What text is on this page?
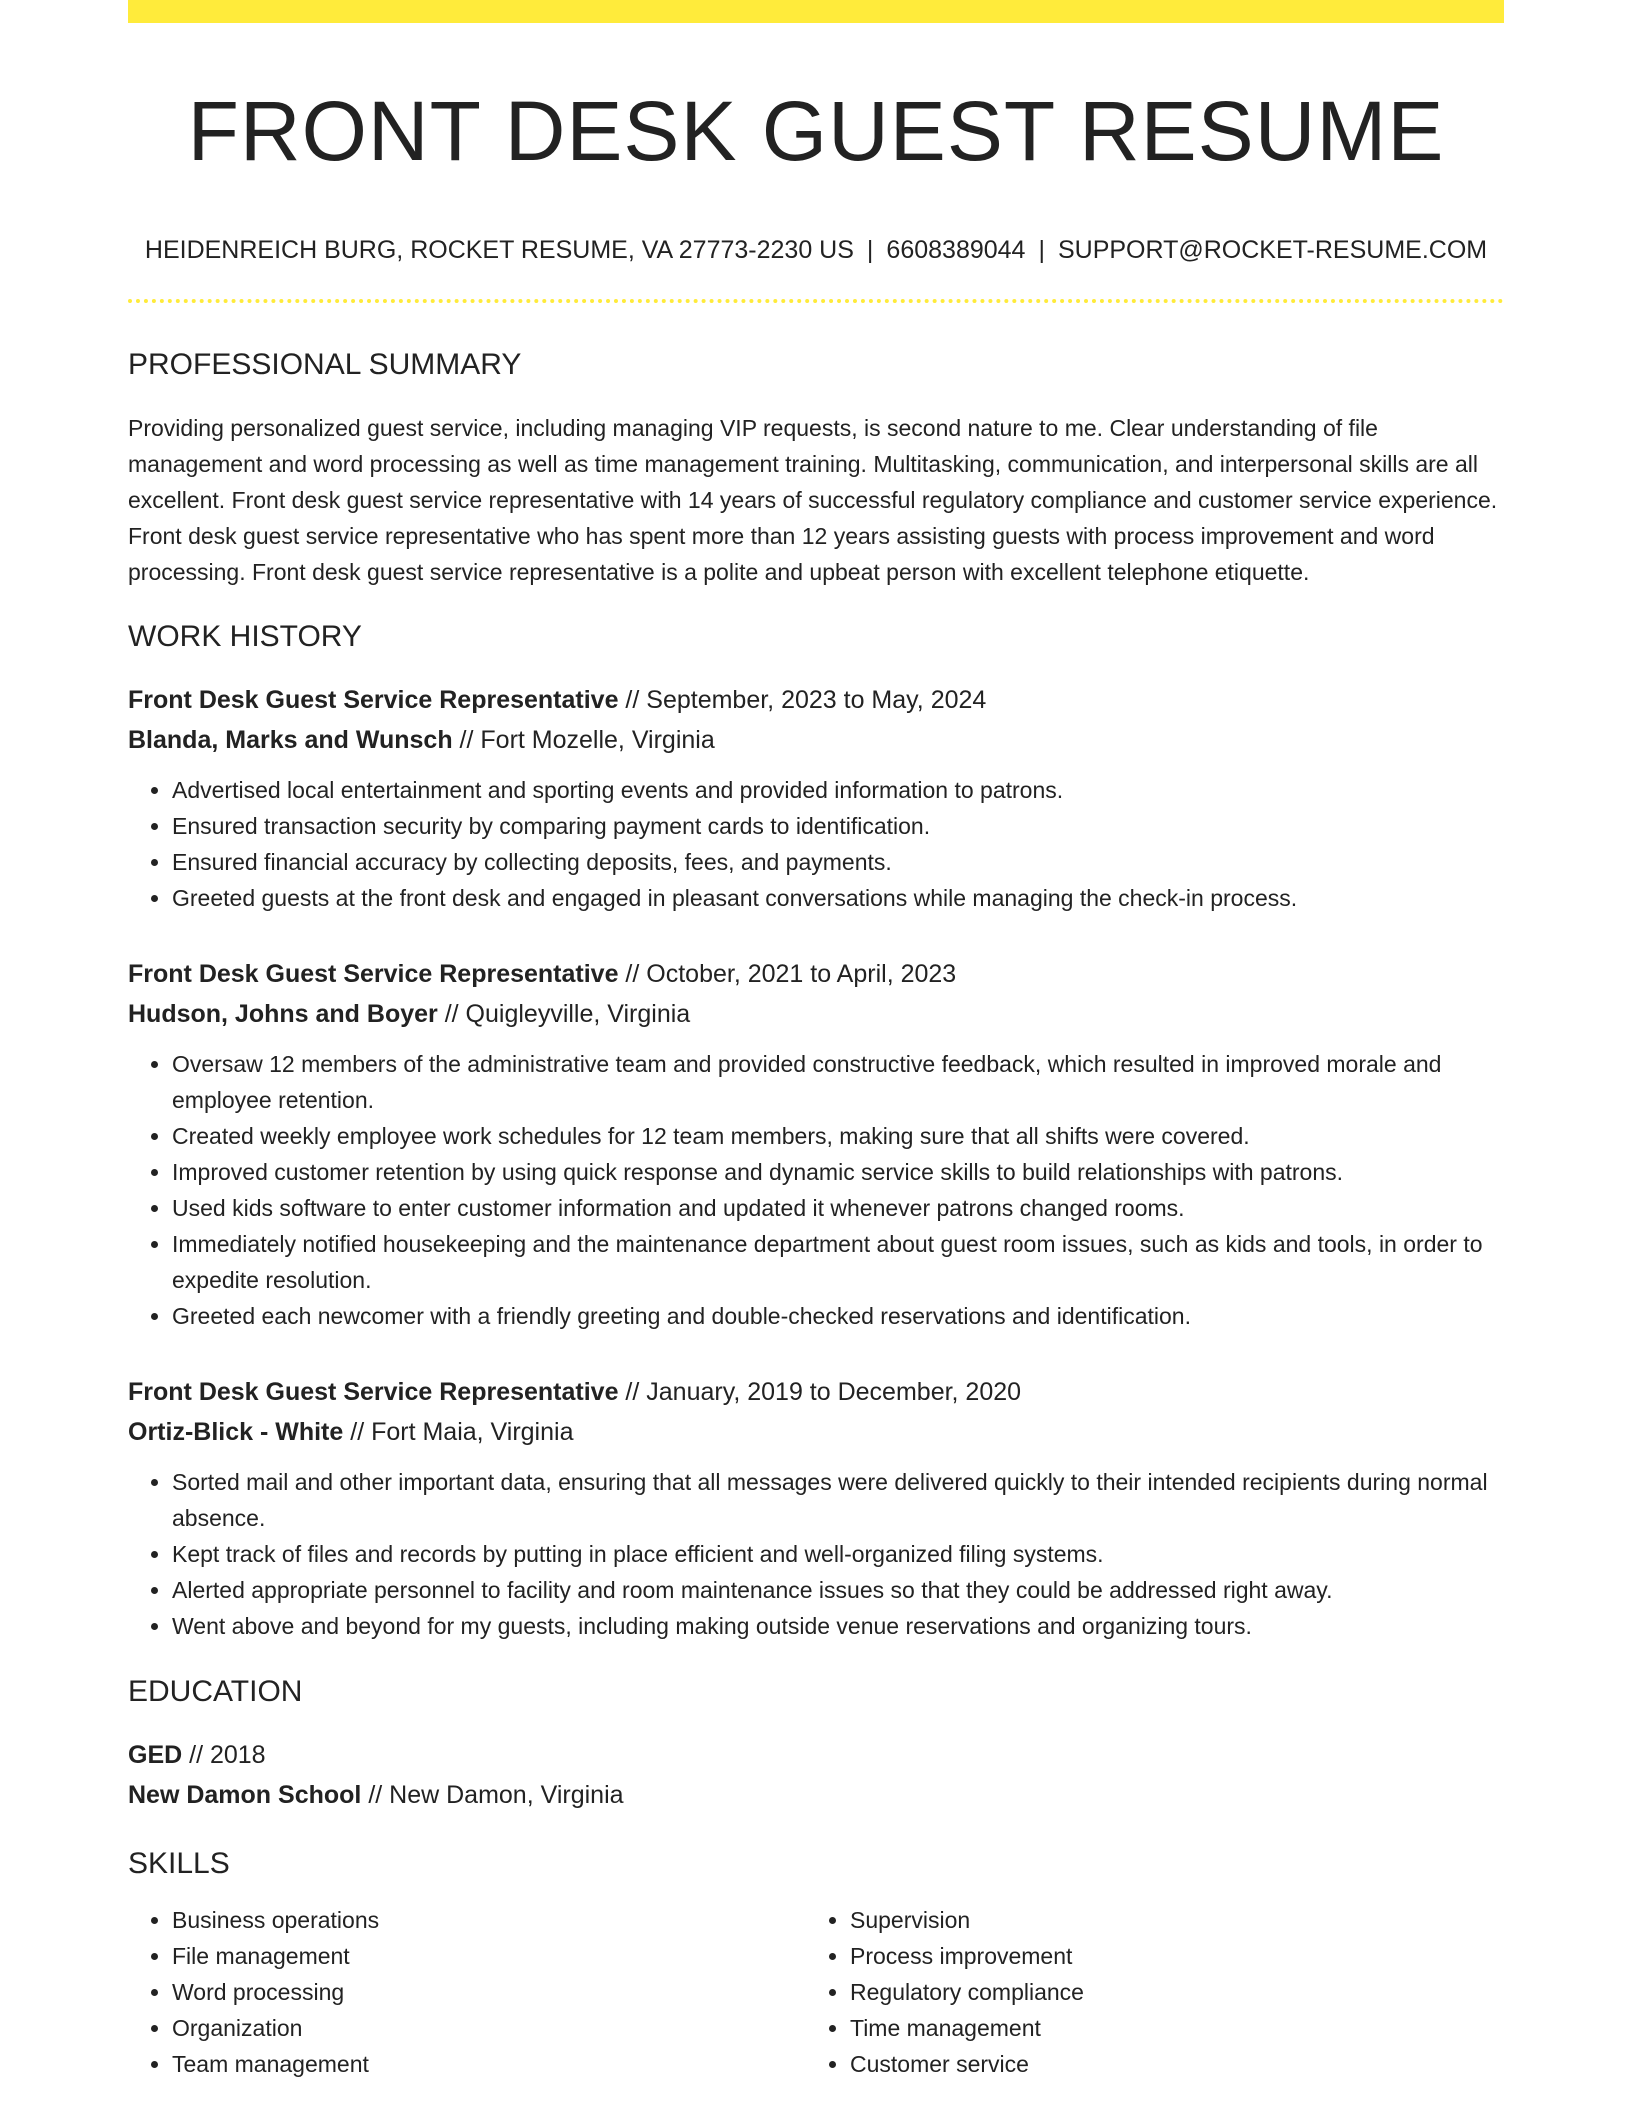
FRONT DESK GUEST RESUME
HEIDENREICH BURG, ROCKET RESUME, VA 27773-2230 US | 6608389044 | SUPPORT@ROCKET-RESUME.COM
PROFESSIONAL SUMMARY
Providing personalized guest service, including managing VIP requests, is second nature to me. Clear understanding of file management and word processing as well as time management training. Multitasking, communication, and interpersonal skills are all excellent. Front desk guest service representative with 14 years of successful regulatory compliance and customer service experience. Front desk guest service representative who has spent more than 12 years assisting guests with process improvement and word processing. Front desk guest service representative is a polite and upbeat person with excellent telephone etiquette.
WORK HISTORY
Front Desk Guest Service Representative // September, 2023 to May, 2024
Blanda, Marks and Wunsch // Fort Mozelle, Virginia
• Advertised local entertainment and sporting events and provided information to patrons.
• Ensured transaction security by comparing payment cards to identification.
• Ensured financial accuracy by collecting deposits, fees, and payments.
• Greeted guests at the front desk and engaged in pleasant conversations while managing the check-in process.
Front Desk Guest Service Representative // October, 2021 to April, 2023
Hudson, Johns and Boyer // Quigleyville, Virginia
• Oversaw 12 members of the administrative team and provided constructive feedback, which resulted in improved morale and employee retention.
• Created weekly employee work schedules for 12 team members, making sure that all shifts were covered.
• Improved customer retention by using quick response and dynamic service skills to build relationships with patrons.
• Used kids software to enter customer information and updated it whenever patrons changed rooms.
• Immediately notified housekeeping and the maintenance department about guest room issues, such as kids and tools, in order to expedite resolution.
• Greeted each newcomer with a friendly greeting and double-checked reservations and identification.
Front Desk Guest Service Representative // January, 2019 to December, 2020
Ortiz-Blick - White // Fort Maia, Virginia
• Sorted mail and other important data, ensuring that all messages were delivered quickly to their intended recipients during normal absence.
• Kept track of files and records by putting in place efficient and well-organized filing systems.
• Alerted appropriate personnel to facility and room maintenance issues so that they could be addressed right away.
• Went above and beyond for my guests, including making outside venue reservations and organizing tours.
EDUCATION
GED // 2018
New Damon School // New Damon, Virginia
SKILLS
• Business operations
• File management
• Word processing
• Organization
• Team management
• Supervision
• Process improvement
• Regulatory compliance
• Time management
• Customer service
